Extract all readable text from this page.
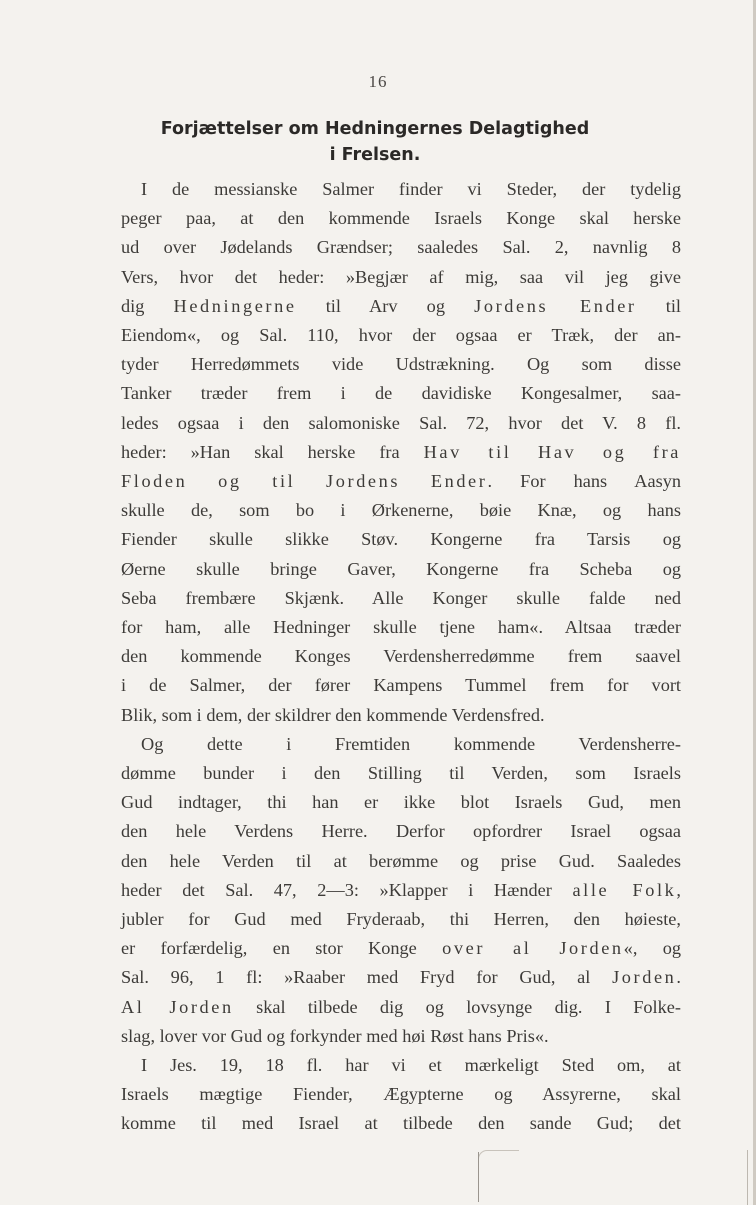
16
Forjættelser om Hedningernes Delagtighed
i Frelsen.
I de messianske Salmer finder vi Steder, der tydelig
peger paa, at den kommende Israels Konge skal herske
ud over Jødelands Grændser; saaledes Sal. 2, navnlig 8
Vers, hvor det heder: »Begjær af mig, saa vil jeg give
dig Hedningerne til Arv og Jordens Ender til
Eiendom«, og Sal. 110, hvor der ogsaa er Træk, der an-
tyder Herredømmets vide Udstrækning. Og som disse
Tanker træder frem i de davidiske Kongesalmer, saa-
ledes ogsaa i den salomoniske Sal. 72, hvor det V. 8 fl.
heder: »Han skal herske fra Hav til Hav og fra
Floden og til Jordens Ender. For hans Aasyn
skulle de, som bo i Ørkenerne, bøie Knæ, og hans
Fiender skulle slikke Støv. Kongerne fra Tarsis og
Øerne skulle bringe Gaver, Kongerne fra Scheba og
Seba frembære Skjænk. Alle Konger skulle falde ned
for ham, alle Hedninger skulle tjene ham«. Altsaa træder
den kommende Konges Verdensherredømme frem saavel
i de Salmer, der fører Kampens Tummel frem for vort
Blik, som i dem, der skildrer den kommende Verdensfred.
Og dette i Fremtiden kommende Verdensherre-
dømme bunder i den Stilling til Verden, som Israels
Gud indtager, thi han er ikke blot Israels Gud, men
den hele Verdens Herre. Derfor opfordrer Israel ogsaa
den hele Verden til at berømme og prise Gud. Saaledes
heder det Sal. 47, 2—3: »Klapper i Hænder alle Folk,
jubler for Gud med Fryderaab, thi Herren, den høieste,
er forfærdelig, en stor Konge over al Jorden«, og
Sal. 96, 1 fl: »Raaber med Fryd for Gud, al Jorden.
Al Jorden skal tilbede dig og lovsynge dig. I Folke-
slag, lover vor Gud og forkynder med høi Røst hans Pris«.
I Jes. 19, 18 fl. har vi et mærkeligt Sted om, at
Israels mægtige Fiender, Ægypterne og Assyrerne, skal
komme til med Israel at tilbede den sande Gud; det
